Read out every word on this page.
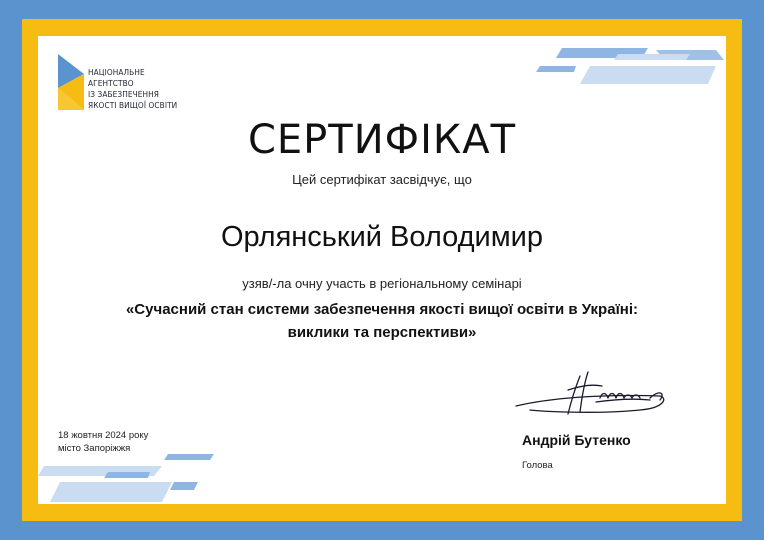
НАЦІОНАЛЬНЕ
АГЕНТСТВО
ІЗ ЗАБЕЗПЕЧЕННЯ
ЯКОСТІ ВИЩОЇ ОСВІТИ
СЕРТИФІКАТ
Цей сертифікат засвідчує, що
Орлянський Володимир
узяв/-ла очну участь в регіональному семінарі
«Сучасний стан системи забезпечення якості вищої освіти в Україні:
виклики та перспективи»
18 жовтня 2024 року
місто Запоріжжя
Андрій Бутенко
Голова
